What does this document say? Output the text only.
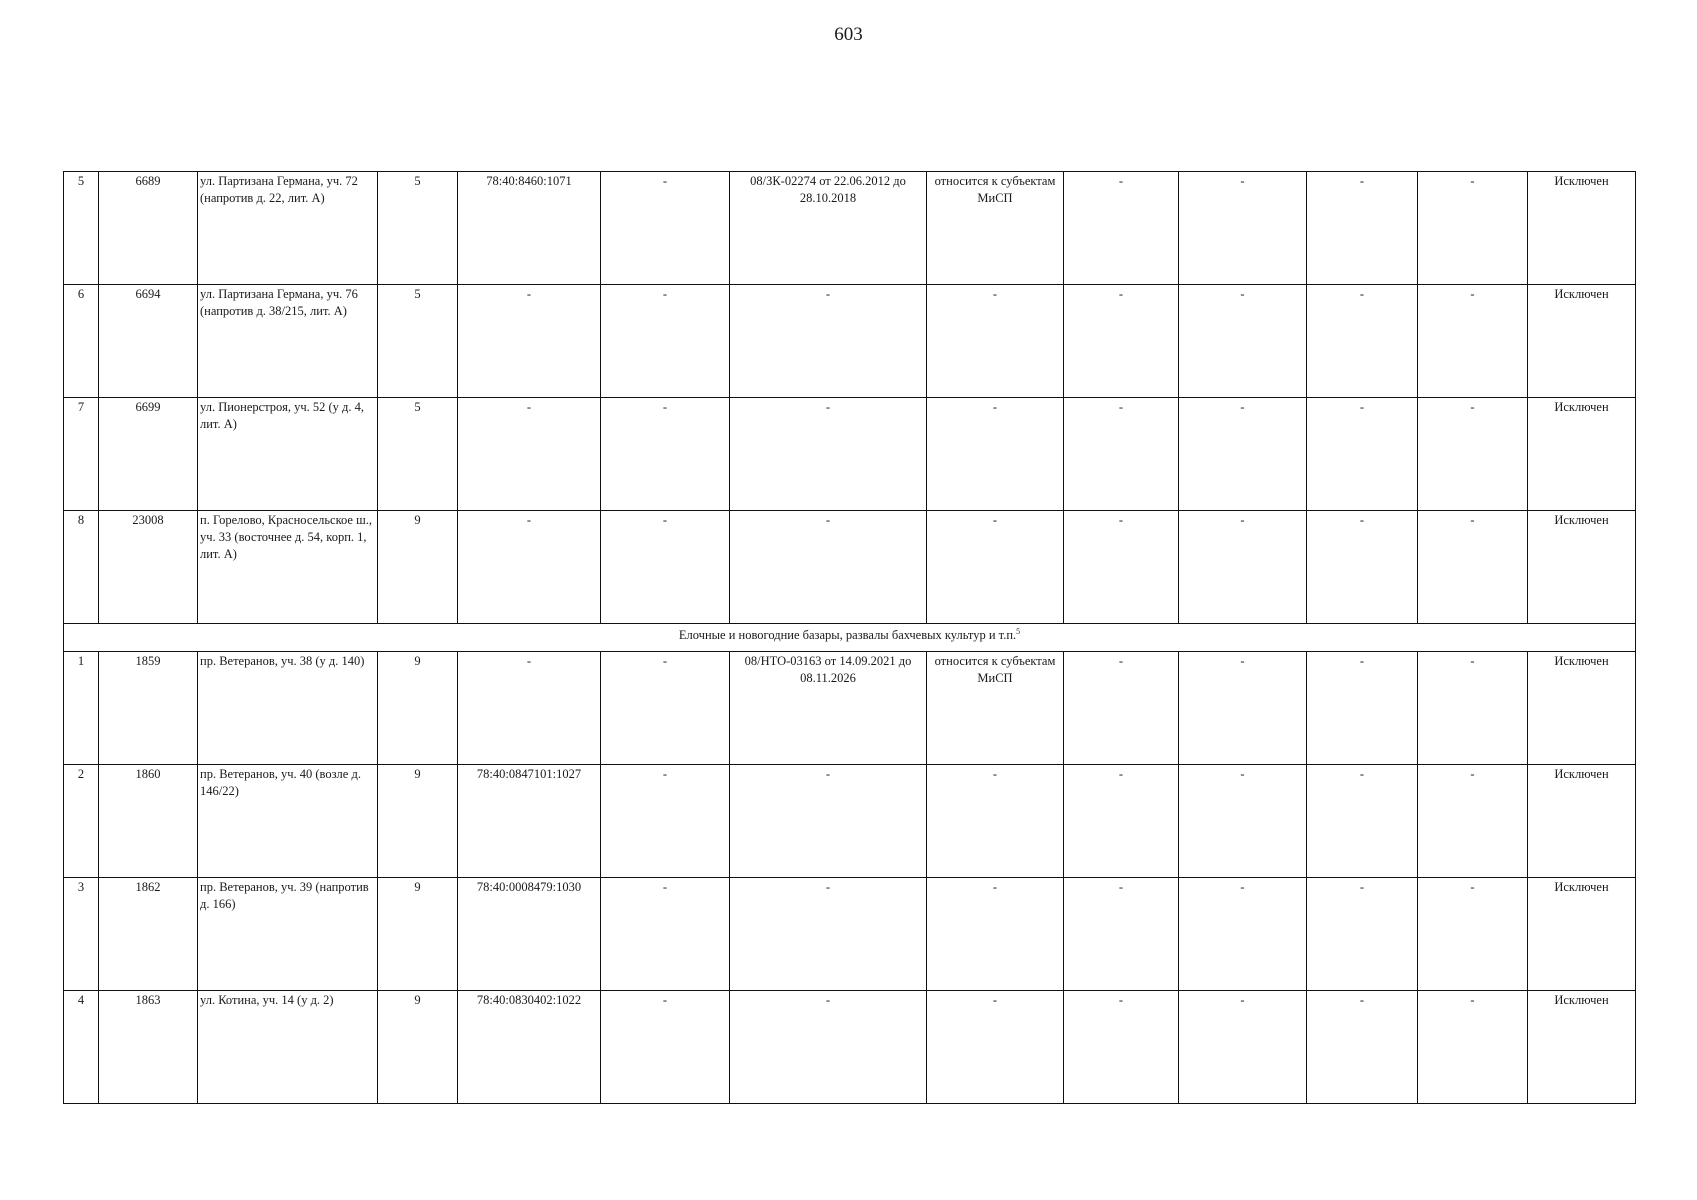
603
5	6689	ул. Партизана Германа, уч. 72 (напротив д. 22, лит. А)	5	78:40:8460:1071	-	08/ЗК-02274 от 22.06.2012 до 28.10.2018	относится к субъектам МиСП	-	-	-	-	Исключен
6	6694	ул. Партизана Германа, уч. 76 (напротив д. 38/215, лит. А)	5	-	-	-	-	-	-	-	-	Исключен
7	6699	ул. Пионерстроя, уч. 52 (у д. 4, лит. А)	5	-	-	-	-	-	-	-	-	Исключен
8	23008	п. Горелово, Красносельское ш., уч. 33 (восточнее д. 54, корп. 1, лит. А)	9	-	-	-	-	-	-	-	-	Исключен
Елочные и новогодние базары, развалы бахчевых культур и т.п.$^5$
1	1859	пр. Ветеранов, уч. 38 (у д. 140)	9	-	-	08/НТО-03163 от 14.09.2021 до 08.11.2026	относится к субъектам МиСП	-	-	-	-	Исключен
2	1860	пр. Ветеранов, уч. 40 (возле д. 146/22)	9	78:40:0847101:1027	-	-	-	-	-	-	-	Исключен
3	1862	пр. Ветеранов, уч. 39 (напротив д. 166)	9	78:40:0008479:1030	-	-	-	-	-	-	-	Исключен
4	1863	ул. Котина, уч. 14 (у д. 2)	9	78:40:0830402:1022	-	-	-	-	-	-	-	Исключен
